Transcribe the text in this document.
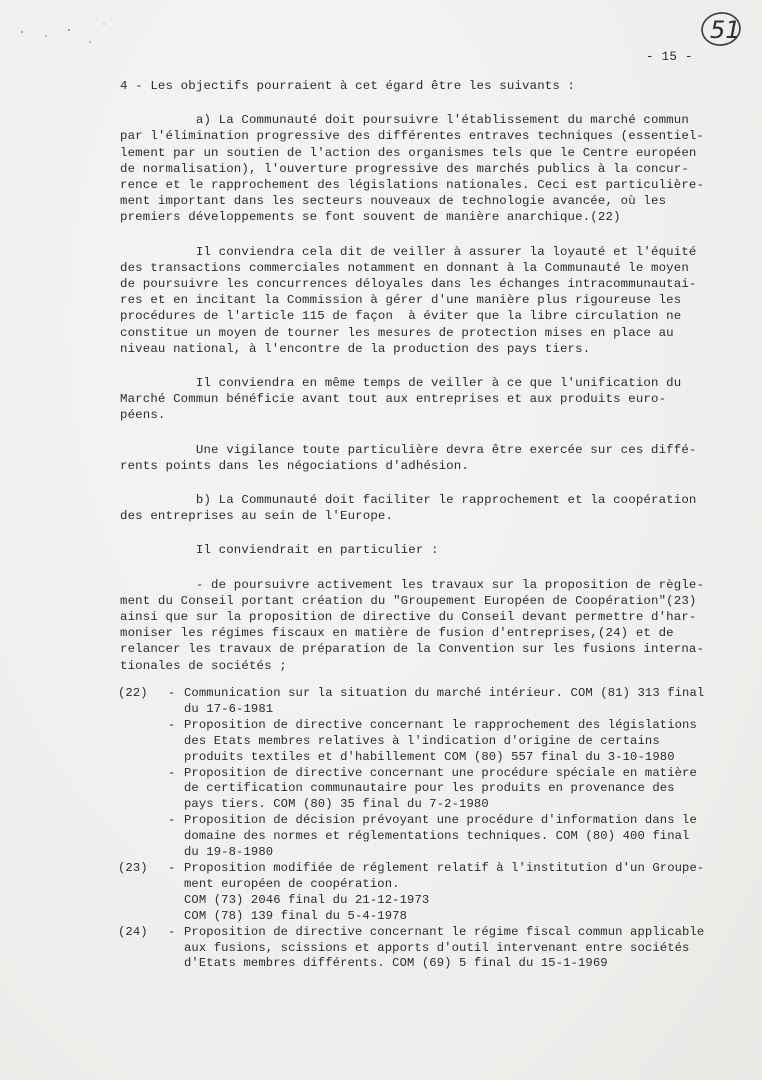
51
- 15 -

4 - Les objectifs pourraient à cet égard être les suivants :

a) La Communauté doit poursuivre l'établissement du marché commun
par l'élimination progressive des différentes entraves techniques (essentiel-
lement par un soutien de l'action des organismes tels que le Centre européen
de normalisation), l'ouverture progressive des marchés publics à la concur-
rence et le rapprochement des législations nationales. Ceci est particulière-
ment important dans les secteurs nouveaux de technologie avancée, où les
premiers développements se font souvent de manière anarchique.(22)

Il conviendra cela dit de veiller à assurer la loyauté et l'équité
des transactions commerciales notamment en donnant à la Communauté le moyen
de poursuivre les concurrences déloyales dans les échanges intracommunautai-
res et en incitant la Commission à gérer d'une manière plus rigoureuse les
procédures de l'article 115 de façon  à éviter que la libre circulation ne
constitue un moyen de tourner les mesures de protection mises en place au
niveau national, à l'encontre de la production des pays tiers.

Il conviendra en même temps de veiller à ce que l'unification du
Marché Commun bénéficie avant tout aux entreprises et aux produits euro-
péens.

Une vigilance toute particulière devra être exercée sur ces diffé-
rents points dans les négociations d'adhésion.

b) La Communauté doit faciliter le rapprochement et la coopération
des entreprises au sein de l'Europe.

Il conviendrait en particulier :

- de poursuivre activement les travaux sur la proposition de règle-
ment du Conseil portant création du "Groupement Européen de Coopération"(23)
ainsi que sur la proposition de directive du Conseil devant permettre d'har-
moniser les régimes fiscaux en matière de fusion d'entreprises,(24) et de
relancer les travaux de préparation de la Convention sur les fusions interna-
tionales de sociétés ;

(22)	- Communication sur la situation du marché intérieur. COM (81) 313 final
du 17-6-1981
- Proposition de directive concernant le rapprochement des législations
des Etats membres relatives à l'indication d'origine de certains
produits textiles et d'habillement COM (80) 557 final du 3-10-1980
- Proposition de directive concernant une procédure spéciale en matière
de certification communautaire pour les produits en provenance des
pays tiers. COM (80) 35 final du 7-2-1980
- Proposition de décision prévoyant une procédure d'information dans le
domaine des normes et réglementations techniques. COM (80) 400 final
du 19-8-1980
(23)	- Proposition modifiée de réglement relatif à l'institution d'un Groupe-
ment européen de coopération.
COM (73) 2046 final du 21-12-1973
COM (78) 139 final du 5-4-1978
(24)	- Proposition de directive concernant le régime fiscal commun applicable
aux fusions, scissions et apports d'outil intervenant entre sociétés
d'Etats membres différents. COM (69) 5 final du 15-1-1969
